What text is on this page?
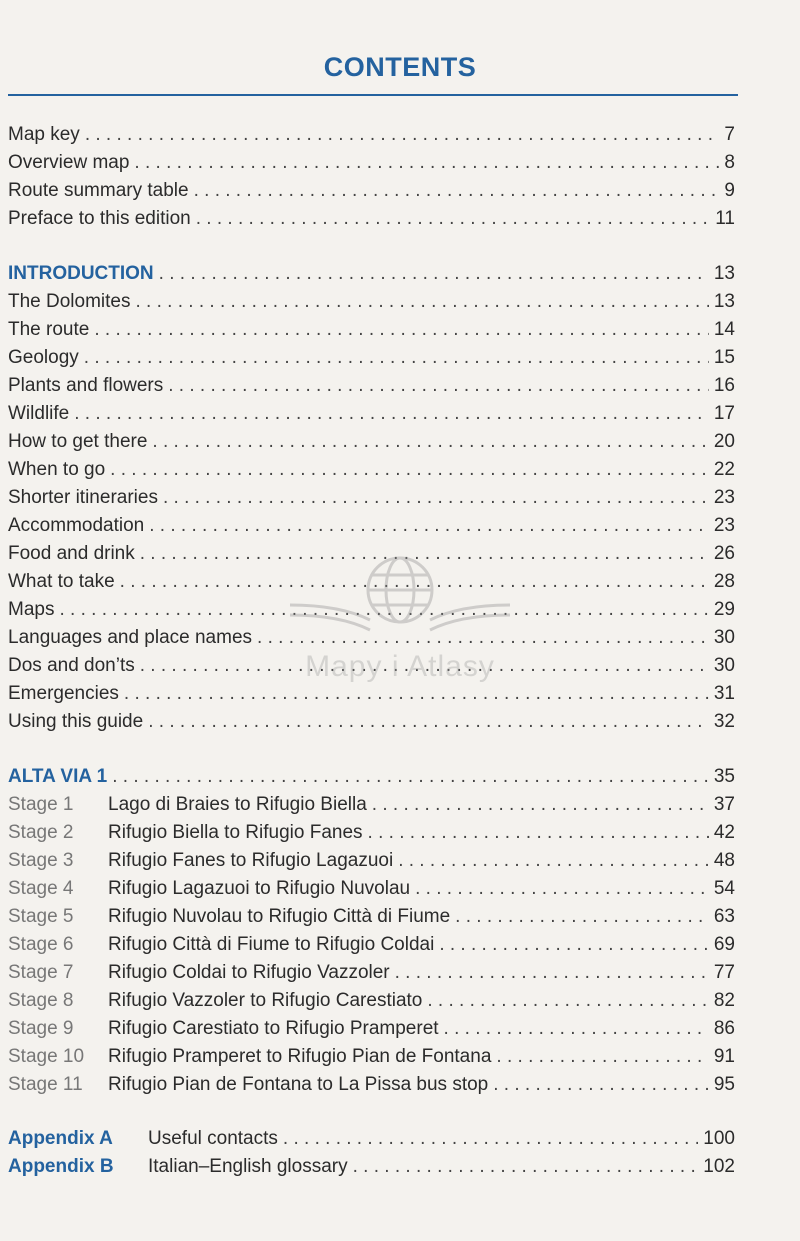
CONTENTS
Map key . . .	7
Overview map . . .	8
Route summary table . . .	9
Preface to this edition . . .	11
INTRODUCTION . . .	13
The Dolomites . . .	13
The route . . .	14
Geology . . .	15
Plants and flowers . . .	16
Wildlife . . .	17
How to get there . . .	20
When to go . . .	22
Shorter itineraries . . .	23
Accommodation . . .	23
Food and drink . . .	26
What to take . . .	28
Maps . . .	29
Languages and place names . . .	30
Dos and don’ts . . .	30
Emergencies . . .	31
Using this guide . . .	32
ALTA VIA 1 . . .	35
Stage 1	Lago di Braies to Rifugio Biella . . .	37
Stage 2	Rifugio Biella to Rifugio Fanes . . .	42
Stage 3	Rifugio Fanes to Rifugio Lagazuoi . . .	48
Stage 4	Rifugio Lagazuoi to Rifugio Nuvolau . . .	54
Stage 5	Rifugio Nuvolau to Rifugio Città di Fiume . . .	63
Stage 6	Rifugio Città di Fiume to Rifugio Coldai . . .	69
Stage 7	Rifugio Coldai to Rifugio Vazzoler . . .	77
Stage 8	Rifugio Vazzoler to Rifugio Carestiato . . .	82
Stage 9	Rifugio Carestiato to Rifugio Pramperet . . .	86
Stage 10	Rifugio Pramperet to Rifugio Pian de Fontana . . .	91
Stage 11	Rifugio Pian de Fontana to La Pissa bus stop . . .	95
Appendix A	Useful contacts . . .	100
Appendix B	Italian–English glossary . . .	102
Mapy i Atlasy
